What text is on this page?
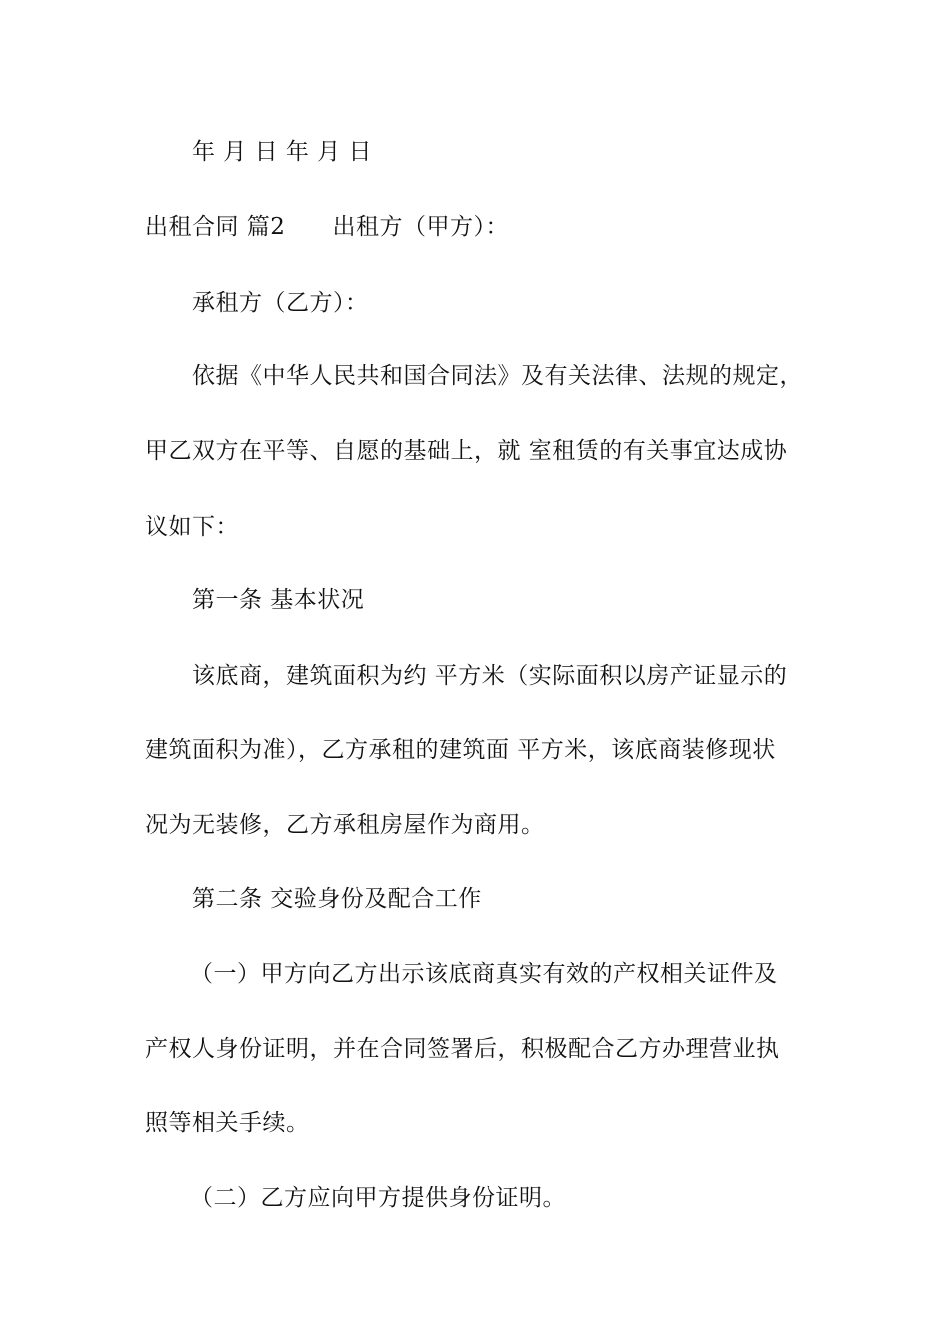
年 月 日 年 月 日
出租合同 篇2　　出租方（甲方）：
承租方（乙方）：
依据《中华人民共和国合同法》及有关法律、法规的规定，
甲乙双方在平等、自愿的基础上，就 室租赁的有关事宜达成协
议如下：
第一条 基本状况
该底商，建筑面积为约 平方米（实际面积以房产证显示的
建筑面积为准），乙方承租的建筑面 平方米，该底商装修现状
况为无装修，乙方承租房屋作为商用。
第二条 交验身份及配合工作
（一）甲方向乙方出示该底商真实有效的产权相关证件及
产权人身份证明，并在合同签署后，积极配合乙方办理营业执
照等相关手续。
（二）乙方应向甲方提供身份证明。
